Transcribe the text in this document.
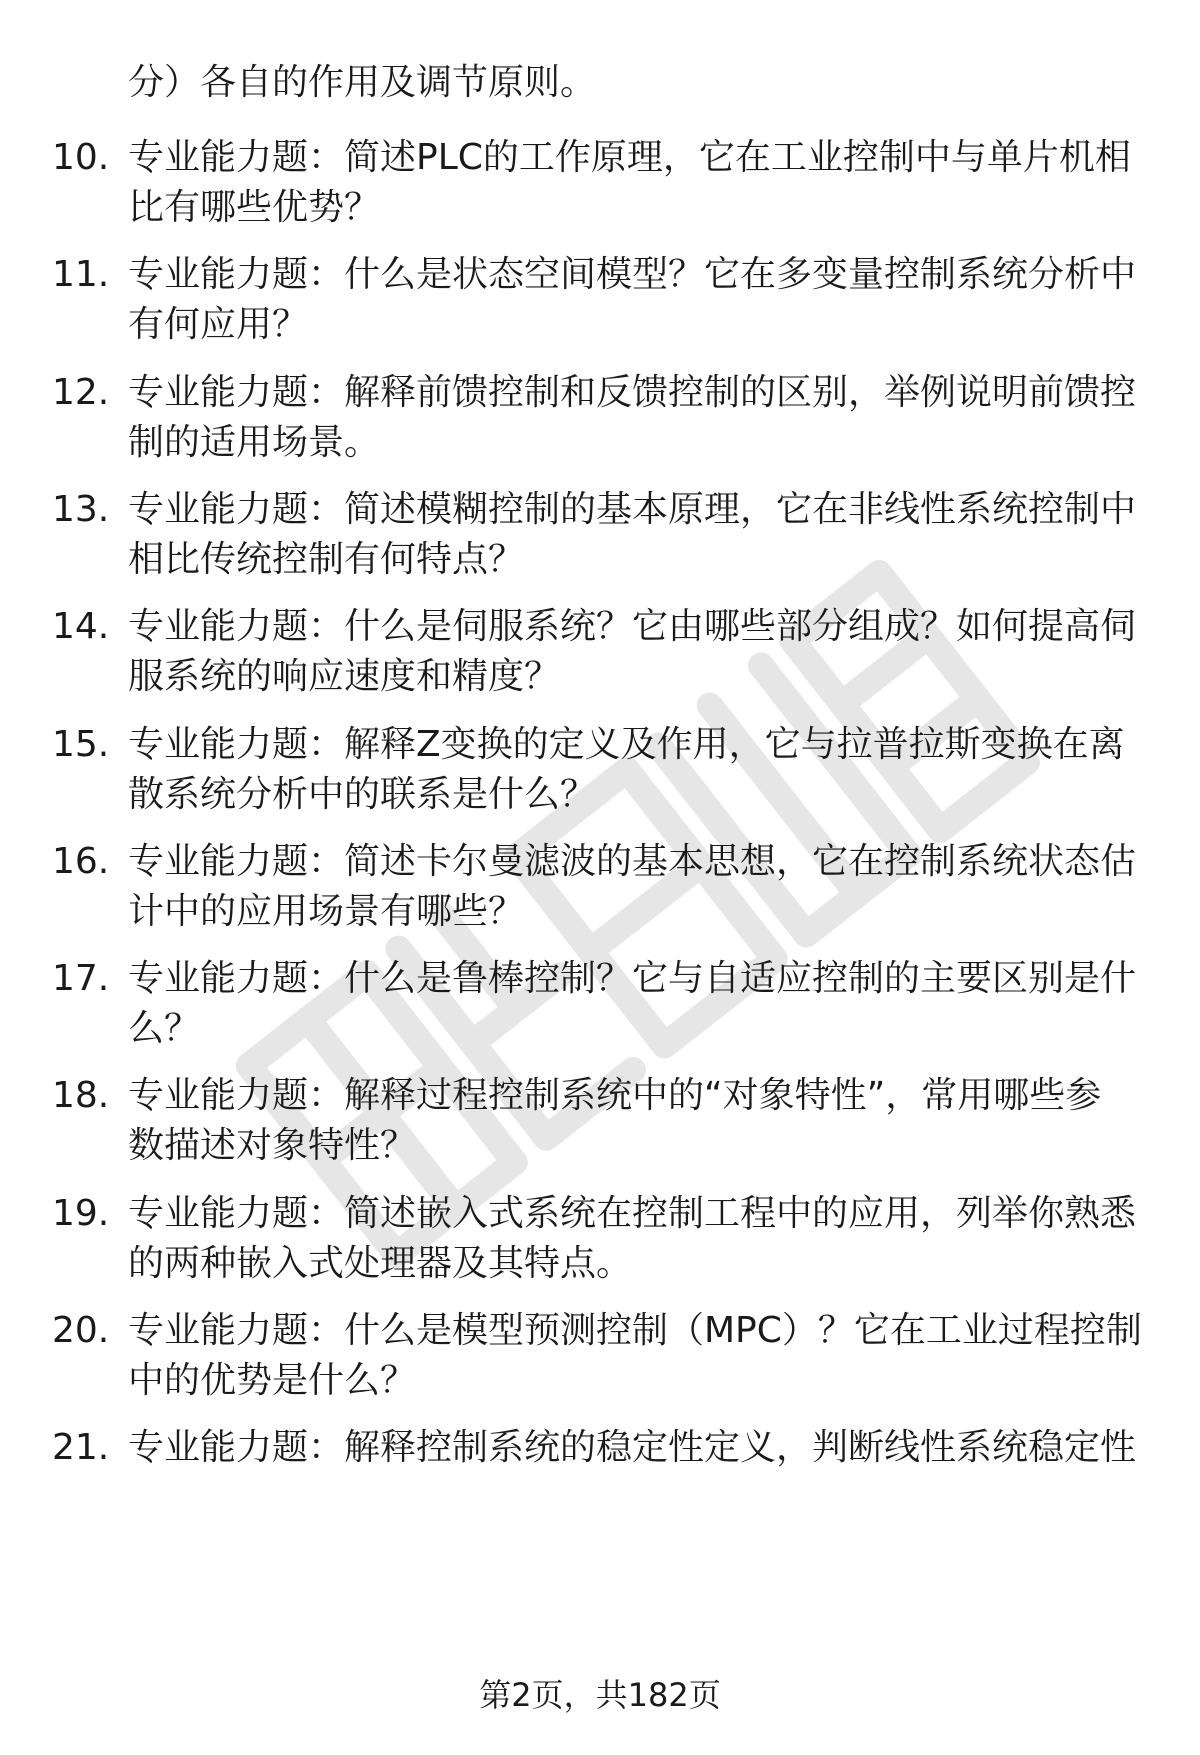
分）各自的作用及调节原则。
10. 专业能力题：简述PLC的工作原理，它在工业控制中与单片机相
比有哪些优势？
11. 专业能力题：什么是状态空间模型？它在多变量控制系统分析中
有何应用？
12. 专业能力题：解释前馈控制和反馈控制的区别，举例说明前馈控
制的适用场景。
13. 专业能力题：简述模糊控制的基本原理，它在非线性系统控制中
相比传统控制有何特点？
14. 专业能力题：什么是伺服系统？它由哪些部分组成？如何提高伺
服系统的响应速度和精度？
15. 专业能力题：解释Z变换的定义及作用，它与拉普拉斯变换在离
散系统分析中的联系是什么？
16. 专业能力题：简述卡尔曼滤波的基本思想，它在控制系统状态估
计中的应用场景有哪些？
17. 专业能力题：什么是鲁棒控制？它与自适应控制的主要区别是什
么？
18. 专业能力题：解释过程控制系统中的“对象特性”，常用哪些参
数描述对象特性？
19. 专业能力题：简述嵌入式系统在控制工程中的应用，列举你熟悉
的两种嵌入式处理器及其特点。
20. 专业能力题：什么是模型预测控制（MPC）？它在工业过程控制
中的优势是什么？
21. 专业能力题：解释控制系统的稳定性定义，判断线性系统稳定性
第2页，共182页
